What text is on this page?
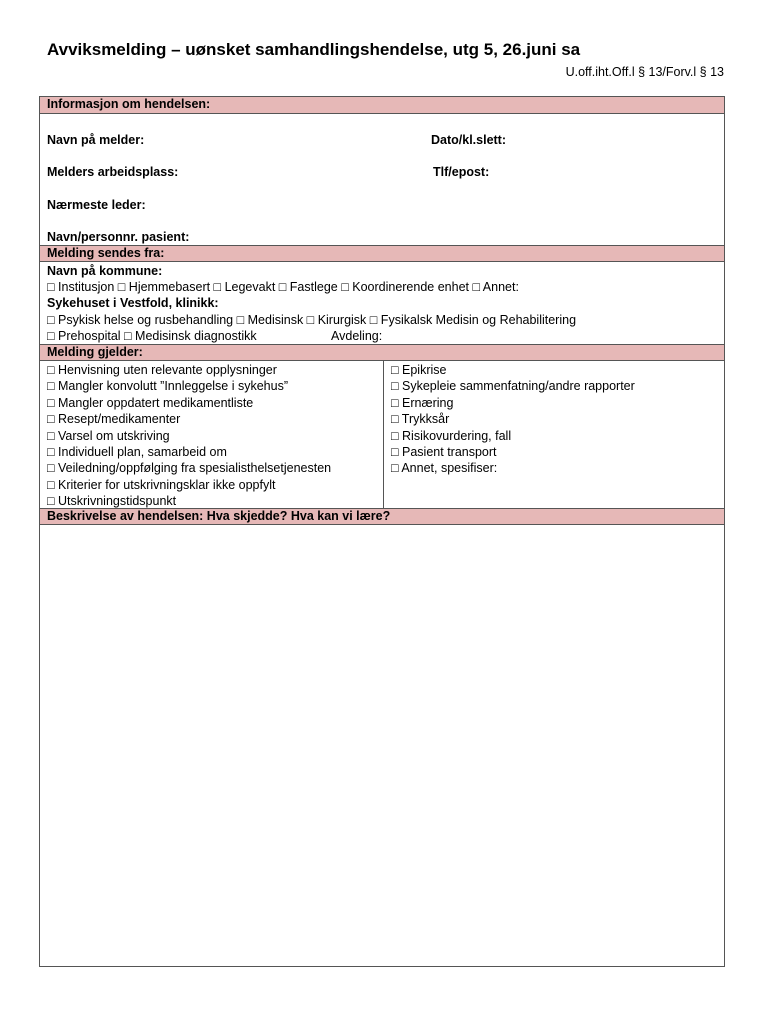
Avviksmelding – uønsket samhandlingshendelse, utg 5, 26.juni sa
U.off.iht.Off.l § 13/Forv.l § 13
Informasjon om hendelsen:
Navn på melder:	Dato/kl.slett:
Melders arbeidsplass:	Tlf/epost:
Nærmeste leder:
Navn/personnr. pasient:
Melding sendes fra:
Navn på kommune:
□ Institusjon □ Hjemmebasert □ Legevakt □ Fastlege □ Koordinerende enhet □ Annet:
Sykehuset i Vestfold, klinikk:
□ Psykisk helse og rusbehandling □ Medisinsk □ Kirurgisk □ Fysikalsk Medisin og Rehabilitering
□ Prehospital □ Medisinsk diagnostikk	Avdeling:
Melding gjelder:
□ Henvisning uten relevante opplysninger
□ Mangler konvolutt ”Innleggelse i sykehus”
□ Mangler oppdatert medikamentliste
□ Resept/medikamenter
□ Varsel om utskriving
□ Individuell plan, samarbeid om
□ Veiledning/oppfølging fra spesialisthelsetjenesten
□ Kriterier for utskrivningsklar ikke oppfylt
□ Utskrivningstidspunkt
□ Epikrise
□ Sykepleie sammenfatning/andre rapporter
□ Ernæring
□ Trykksår
□ Risikovurdering, fall
□ Pasient transport
□ Annet, spesifiser:
Beskrivelse av hendelsen: Hva skjedde? Hva kan vi lære?
